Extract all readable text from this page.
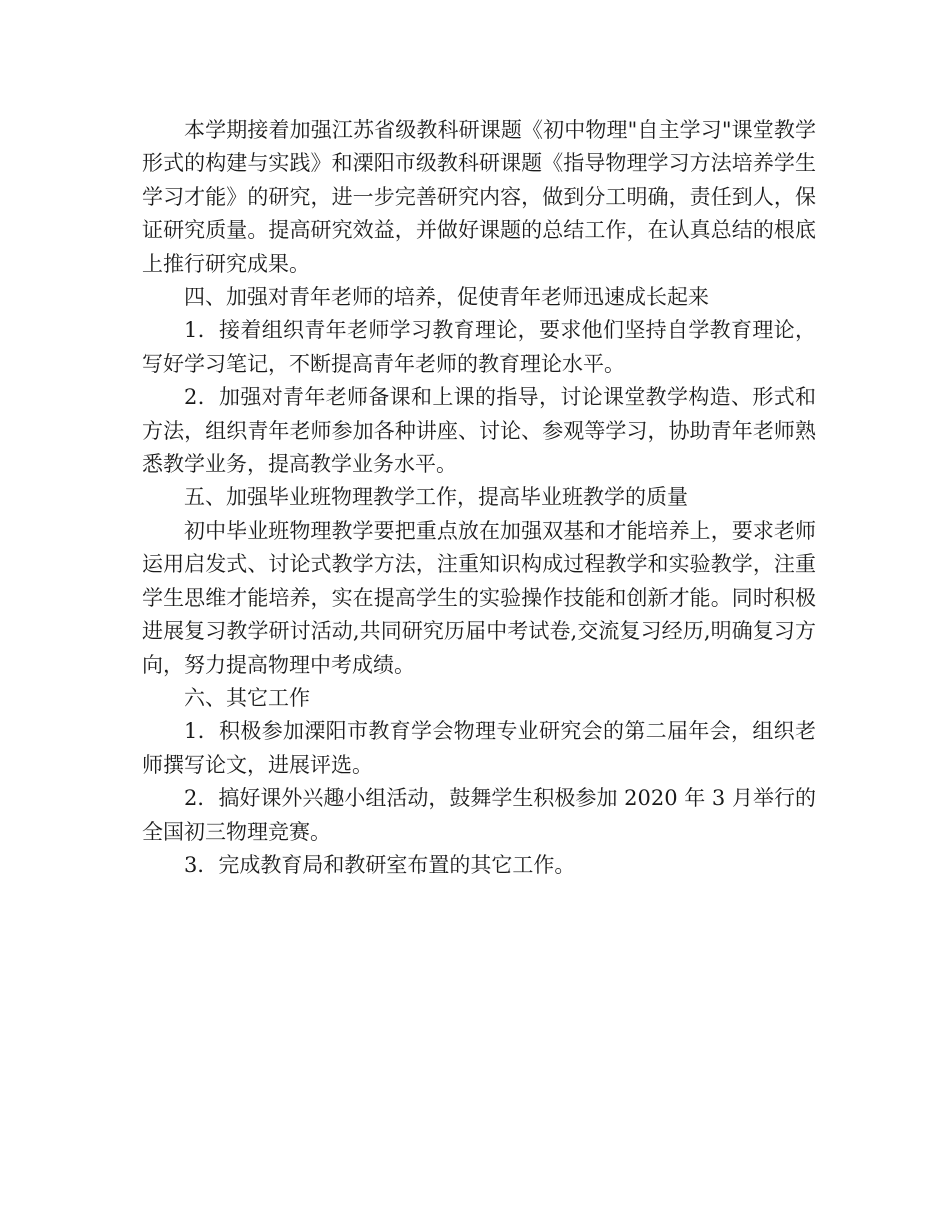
本学期接着加强江苏省级教科研课题《初中物理"自主学习"课堂教学形式的构建与实践》和溧阳市级教科研课题《指导物理学习方法培养学生学习才能》的研究，进一步完善研究内容，做到分工明确，责任到人，保证研究质量。提高研究效益，并做好课题的总结工作，在认真总结的根底上推行研究成果。

四、加强对青年老师的培养，促使青年老师迅速成长起来

1．接着组织青年老师学习教育理论，要求他们坚持自学教育理论，写好学习笔记，不断提高青年老师的教育理论水平。

2．加强对青年老师备课和上课的指导，讨论课堂教学构造、形式和方法，组织青年老师参加各种讲座、讨论、参观等学习，协助青年老师熟悉教学业务，提高教学业务水平。

五、加强毕业班物理教学工作，提高毕业班教学的质量

初中毕业班物理教学要把重点放在加强双基和才能培养上，要求老师运用启发式、讨论式教学方法，注重知识构成过程教学和实验教学，注重学生思维才能培养，实在提高学生的实验操作技能和创新才能。同时积极进展复习教学研讨活动,共同研究历届中考试卷,交流复习经历,明确复习方向，努力提高物理中考成绩。

六、其它工作

1．积极参加溧阳市教育学会物理专业研究会的第二届年会，组织老师撰写论文，进展评选。

2．搞好课外兴趣小组活动，鼓舞学生积极参加 2020 年 3 月举行的全国初三物理竞赛。

3．完成教育局和教研室布置的其它工作。
